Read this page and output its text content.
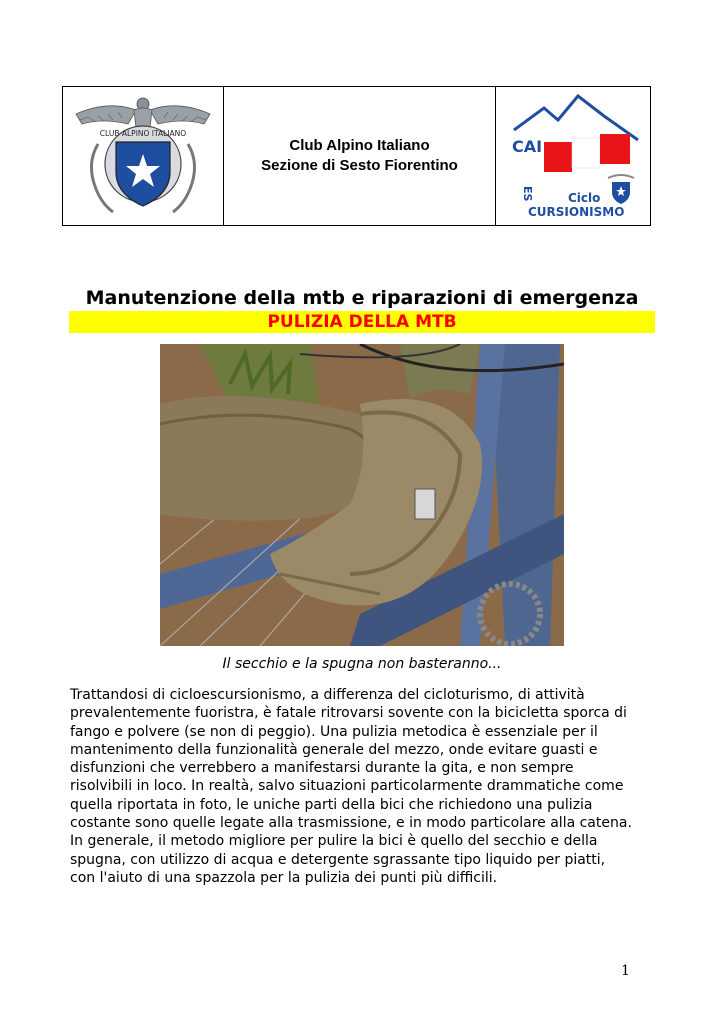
CLUB ALPINO ITALIANO
Club Alpino Italiano
Sezione di Sesto Fiorentino
CAI
ES	Ciclo
CURSIONISMO
Manutenzione della mtb e riparazioni di emergenza
PULIZIA DELLA MTB
Il secchio e la spugna non basteranno...
Trattandosi di cicloescursionismo, a differenza del cicloturismo, di attività
prevalentemente fuoristra, è fatale ritrovarsi sovente con la bicicletta sporca di
fango e polvere (se non di peggio). Una pulizia metodica è essenziale per il
mantenimento della funzionalità generale del mezzo, onde evitare guasti e
disfunzioni che verrebbero a manifestarsi durante la gita, e non sempre
risolvibili in loco. In realtà, salvo situazioni particolarmente drammatiche come
quella riportata in foto, le uniche parti della bici che richiedono una pulizia
costante sono quelle legate alla trasmissione, e in modo particolare alla catena.
In generale, il metodo migliore per pulire la bici è quello del secchio e della
spugna, con utilizzo di acqua e detergente sgrassante tipo liquido per piatti,
con l'aiuto di una spazzola per la pulizia dei punti più difficili.
1
